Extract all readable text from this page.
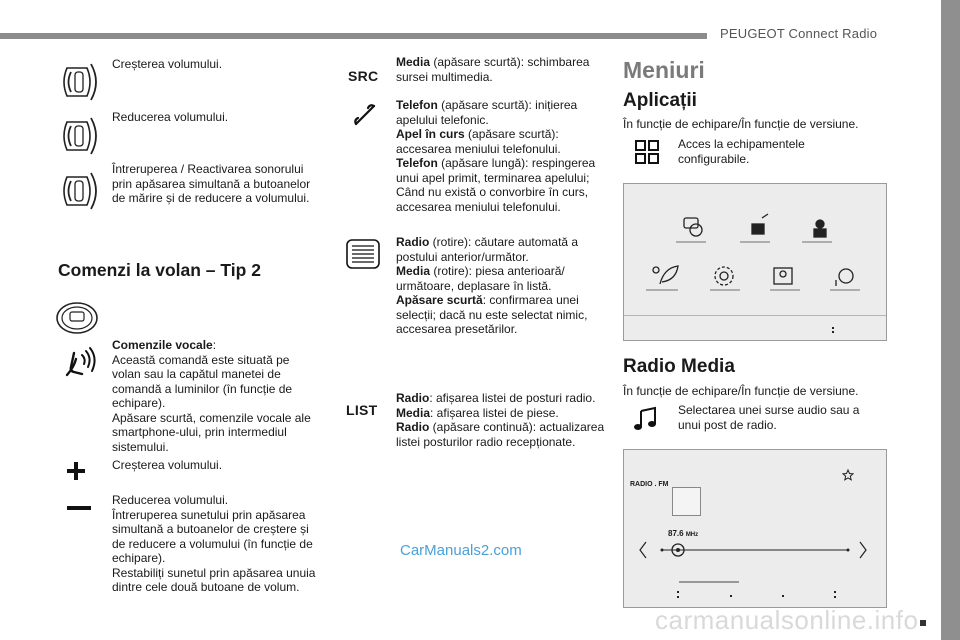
PEUGEOT Connect Radio

Creșterea volumului.

Reducerea volumului.

Întreruperea / Reactivarea sonorului prin apăsarea simultană a butoanelor de mărire și de reducere a volumului.

Comenzi la volan – Tip 2

Comenzile vocale:
Această comandă este situată pe volan sau la capătul manetei de comandă a luminilor (în funcție de echipare).
Apăsare scurtă, comenzile vocale ale smartphone-ului, prin intermediul sistemului.

Creșterea volumului.

Reducerea volumului.
Întreruperea sunetului prin apăsarea simultană a butoanelor de creștere și de reducere a volumului (în funcție de echipare).
Restabiliți sunetul prin apăsarea unuia dintre cele două butoane de volum.

SRC

Media (apăsare scurtă): schimbarea sursei multimedia.

Telefon (apăsare scurtă): inițierea apelului telefonic.
Apel în curs (apăsare scurtă): accesarea meniului telefonului.
Telefon (apăsare lungă): respingerea unui apel primit, terminarea apelului; Când nu există o convorbire în curs, accesarea meniului telefonului.

Radio (rotire): căutare automată a postului anterior/următor.
Media (rotire): piesa anterioară/ următoare, deplasare în listă.
Apăsare scurtă: confirmarea unei selecții; dacă nu este selectat nimic, accesarea presetărilor.

LIST

Radio: afișarea listei de posturi radio.
Media: afișarea listei de piese.
Radio (apăsare continuă): actualizarea listei posturilor radio recepționate.

CarManuals2.com
Meniuri
Aplicații

În funcție de echipare/În funcție de versiune.

Acces la echipamentele configurabile.

Radio Media

În funcție de echipare/În funcție de versiune.

Selectarea unei surse audio sau a unui post de radio.

RADIO . FM
87.6 MHz
carmanualsonline.info
